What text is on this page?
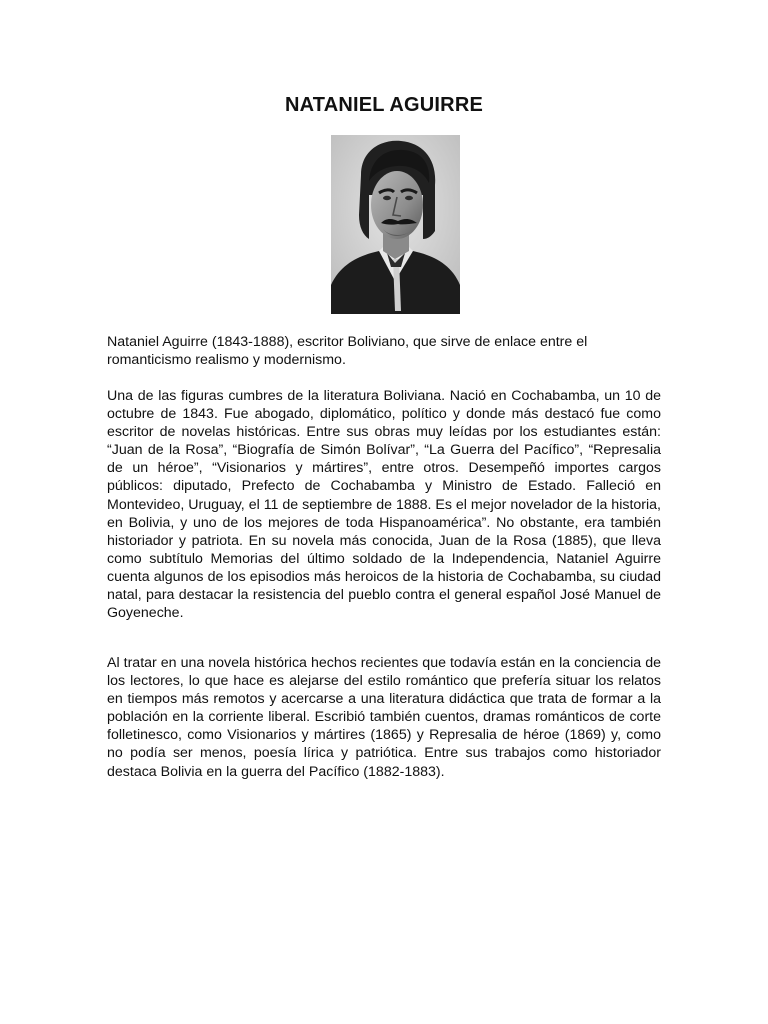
NATANIEL AGUIRRE

Nataniel Aguirre (1843-1888), escritor Boliviano, que sirve de enlace entre el romanticismo realismo y modernismo.

Una de las figuras cumbres de la literatura Boliviana. Nació en Cochabamba, un 10 de octubre de 1843. Fue abogado, diplomático, político y donde más destacó fue como escritor de novelas históricas. Entre sus obras muy leídas por los estudiantes están: “Juan de la Rosa”, “Biografía de Simón Bolívar”, “La Guerra del Pacífico”, “Represalia de un héroe”, “Visionarios y mártires”, entre otros. Desempeñó importes cargos públicos: diputado, Prefecto de Cochabamba y Ministro de Estado. Falleció en Montevideo, Uruguay, el 11 de septiembre de 1888. Es el mejor novelador de la historia, en Bolivia, y uno de los mejores de toda Hispanoamérica”. No obstante, era también historiador y patriota. En su novela más conocida, Juan de la Rosa (1885), que lleva como subtítulo Memorias del último soldado de la Independencia, Nataniel Aguirre cuenta algunos de los episodios más heroicos de la historia de Cochabamba, su ciudad natal, para destacar la resistencia del pueblo contra el general español José Manuel de Goyeneche.

Al tratar en una novela histórica hechos recientes que todavía están en la conciencia de los lectores, lo que hace es alejarse del estilo romántico que prefería situar los relatos en tiempos más remotos y acercarse a una literatura didáctica que trata de formar a la población en la corriente liberal. Escribió también cuentos, dramas románticos de corte folletinesco, como Visionarios y mártires (1865) y Represalia de héroe (1869) y, como no podía ser menos, poesía lírica y patriótica. Entre sus trabajos como historiador destaca Bolivia en la guerra del Pacífico (1882-1883).
